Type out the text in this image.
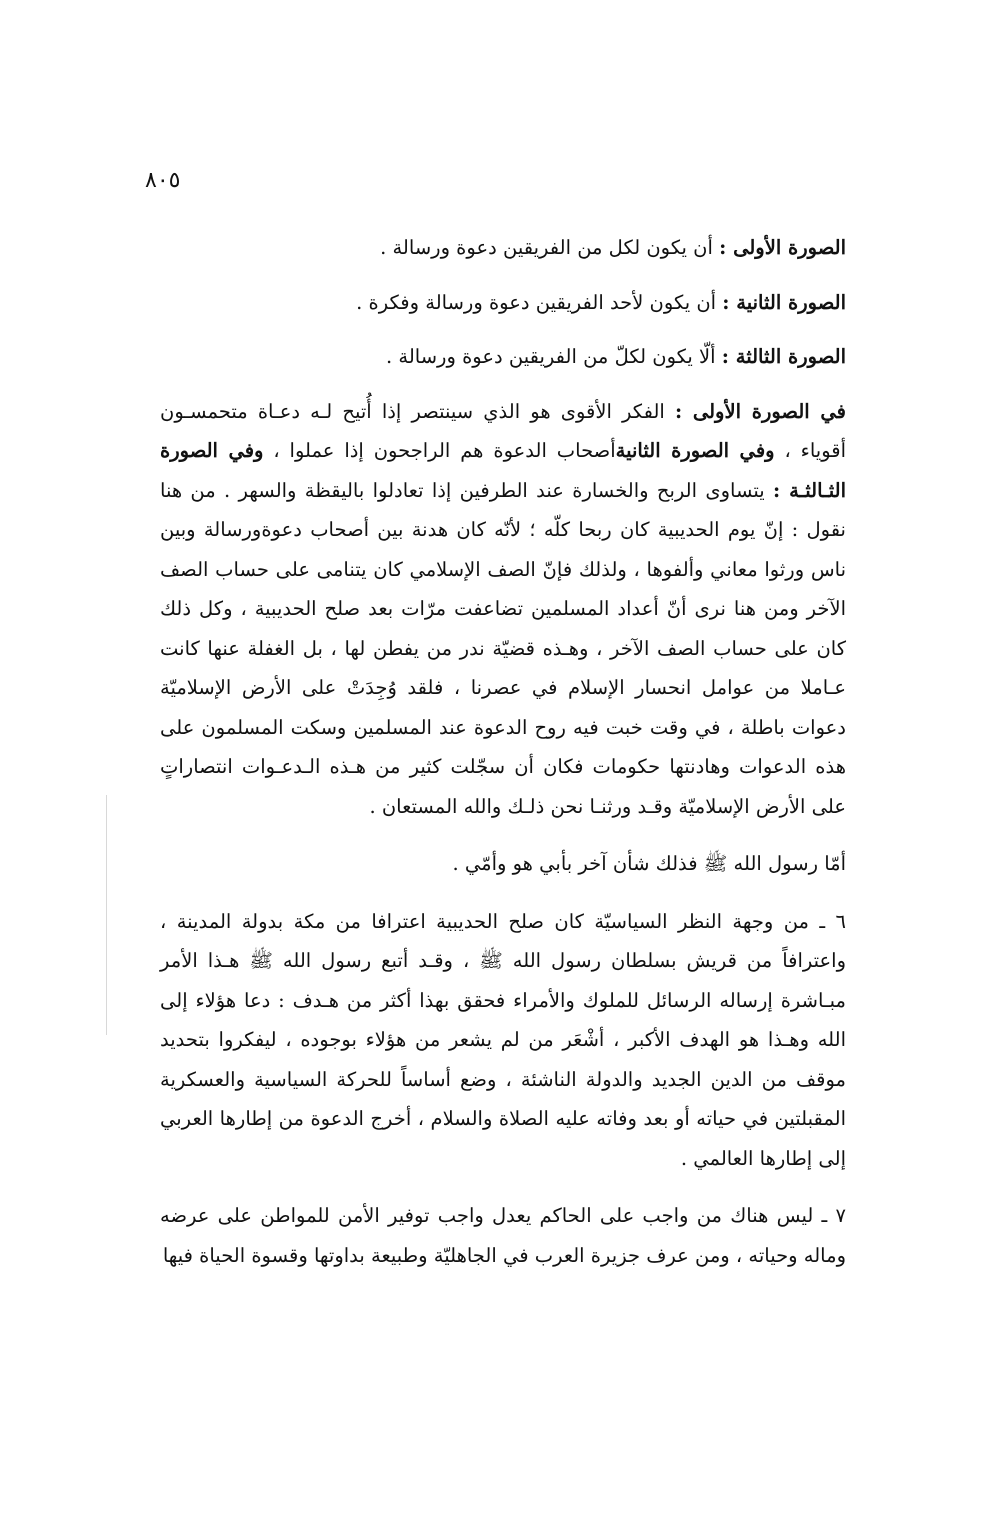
٨٠٥
الصورة الأولى : أن يكون لكل من الفريقين دعوة ورسالة .
الصورة الثانية : أن يكون لأحد الفريقين دعوة ورسالة وفكرة .
الصورة الثالثة : ألّا يكون لكلّ من الفريقين دعوة ورسالة .

في الصورة الأولى : الفكر الأقوى هو الذي سينتصر إذا أُتيح لـه دعـاة متحمسـون أقوياء ، وفي الصورة الثانيةأصحاب الدعوة هم الراجحون إذا عملوا ، وفي الصورة الثـالثـة : يتساوى الربح والخسارة عند الطرفين إذا تعادلوا باليقظة والسهر . من هنا نقول : إنّ يوم الحديبية كان ربحا كلّه ؛ لأنّه كان هدنة بين أصحاب دعوةورسالة وبين ناس ورثوا معاني وألفوها ، ولذلك فإنّ الصف الإسلامي كان يتنامى على حساب الصف الآخر ومن هنا نرى أنّ أعداد المسلمين تضاعفت مرّات بعد صلح الحديبية ، وكل ذلك كان على حساب الصف الآخر ، وهـذه قضيّة ندر من يفطن لها ، بل الغفلة عنها كانت عـاملا من عوامل انحسار الإسلام في عصرنا ، فلقد وُجِدَتْ على الأرض الإسلاميّة دعوات باطلة ، في وقت خبت فيه روح الدعوة عند المسلمين وسكت المسلمون على هذه الدعوات وهادنتها حكومات فكان أن سجّلت كثير من هـذه الـدعـوات انتصاراتٍ على الأرض الإسلاميّة وقـد ورثنـا نحن ذلـك والله المستعان .

أمّا رسول الله ﷺ فذلك شأن آخر بأبي هو وأمّي .

٦ ـ من وجهة النظر السياسيّة كان صلح الحديبية اعترافا من مكة بدولة المدينة ، واعترافاً من قريش بسلطان رسول الله ﷺ ، وقـد أتبع رسول الله ﷺ هـذا الأمر مبـاشرة إرساله الرسائل للملوك والأمراء فحقق بهذا أكثر من هـدف : دعا هؤلاء إلى الله وهـذا هو الهدف الأكبر ، أشْعَر من لم يشعر من هؤلاء بوجوده ، ليفكروا بتحديد موقف من الدين الجديد والدولة الناشئة ، وضع أساساً للحركة السياسية والعسكرية المقبلتين في حياته أو بعد وفاته عليه الصلاة والسلام ، أخرج الدعوة من إطارها العربي إلى إطارها العالمي .

٧ ـ ليس هناك من واجب على الحاكم يعدل واجب توفير الأمن للمواطن على عرضه وماله وحياته ، ومن عرف جزيرة العرب في الجاهليّة وطبيعة بداوتها وقسوة الحياة فيها
